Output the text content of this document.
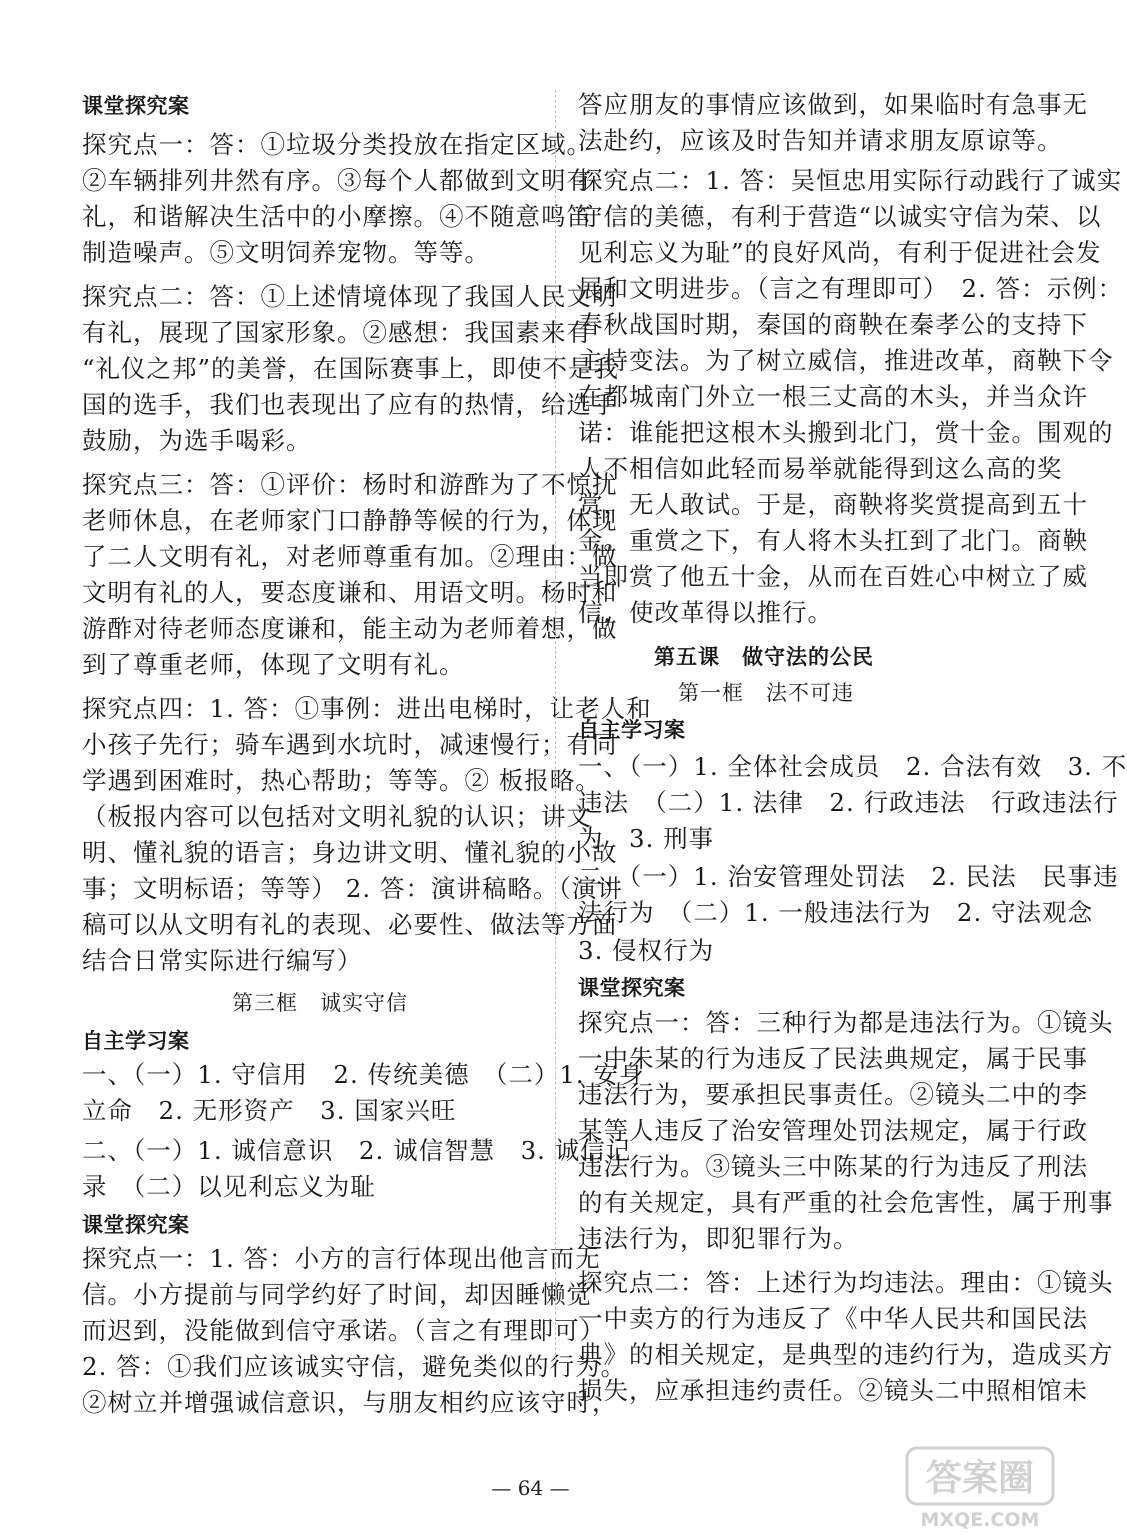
课堂探究案
探究点一：答：①垃圾分类投放在指定区域。
②车辆排列井然有序。③每个人都做到文明有
礼，和谐解决生活中的小摩擦。④不随意鸣笛
制造噪声。⑤文明饲养宠物。等等。
探究点二：答：①上述情境体现了我国人民文明
有礼，展现了国家形象。②感想：我国素来有
“礼仪之邦”的美誉，在国际赛事上，即使不是我
国的选手，我们也表现出了应有的热情，给选手
鼓励，为选手喝彩。
探究点三：答：①评价：杨时和游酢为了不惊扰
老师休息，在老师家门口静静等候的行为，体现
了二人文明有礼，对老师尊重有加。②理由：做
文明有礼的人，要态度谦和、用语文明。杨时和
游酢对待老师态度谦和，能主动为老师着想，做
到了尊重老师，体现了文明有礼。
探究点四：1. 答：①事例：进出电梯时，让老人和
小孩子先行；骑车遇到水坑时，减速慢行；有同
学遇到困难时，热心帮助；等等。② 板报略。
（板报内容可以包括对文明礼貌的认识；讲文
明、懂礼貌的语言；身边讲文明、懂礼貌的小故
事；文明标语；等等） 2. 答：演讲稿略。（演讲
稿可以从文明有礼的表现、必要性、做法等方面
结合日常实际进行编写）
第三框　诚实守信
自主学习案
一、（一）1. 守信用　2. 传统美德　（二）1. 安身
立命　2. 无形资产　3. 国家兴旺
二、（一）1. 诚信意识　2. 诚信智慧　3. 诚信记
录　（二）以见利忘义为耻
课堂探究案
探究点一：1. 答：小方的言行体现出他言而无
信。小方提前与同学约好了时间，却因睡懒觉
而迟到，没能做到信守承诺。（言之有理即可）
2. 答：①我们应该诚实守信，避免类似的行为。
②树立并增强诚信意识，与朋友相约应该守时，
答应朋友的事情应该做到，如果临时有急事无
法赴约，应该及时告知并请求朋友原谅等。
探究点二：1. 答：吴恒忠用实际行动践行了诚实
守信的美德，有利于营造“以诚实守信为荣、以
见利忘义为耻”的良好风尚，有利于促进社会发
展和文明进步。（言之有理即可）　2. 答：示例：
春秋战国时期，秦国的商鞅在秦孝公的支持下
主持变法。为了树立威信，推进改革，商鞅下令
在都城南门外立一根三丈高的木头，并当众许
诺：谁能把这根木头搬到北门，赏十金。围观的
人不相信如此轻而易举就能得到这么高的奖
赏，无人敢试。于是，商鞅将奖赏提高到五十
金。重赏之下，有人将木头扛到了北门。商鞅
当即赏了他五十金，从而在百姓心中树立了威
信，使改革得以推行。
第五课　做守法的公民
第一框　法不可违
自主学习案
一、（一）1. 全体社会成员　2. 合法有效　3. 不
违法　（二）1. 法律　2. 行政违法　行政违法行
为　3. 刑事
二、（一）1. 治安管理处罚法　2. 民法　民事违
法行为　（二）1. 一般违法行为　2. 守法观念
3. 侵权行为
课堂探究案
探究点一：答：三种行为都是违法行为。①镜头
一中朱某的行为违反了民法典规定，属于民事
违法行为，要承担民事责任。②镜头二中的李
某等人违反了治安管理处罚法规定，属于行政
违法行为。③镜头三中陈某的行为违反了刑法
的有关规定，具有严重的社会危害性，属于刑事
违法行为，即犯罪行为。
探究点二：答：上述行为均违法。理由：①镜头
一中卖方的行为违反了《中华人民共和国民法
典》的相关规定，是典型的违约行为，造成买方
损失，应承担违约责任。②镜头二中照相馆未
— 64 —	答案圈
MXQE.COM
